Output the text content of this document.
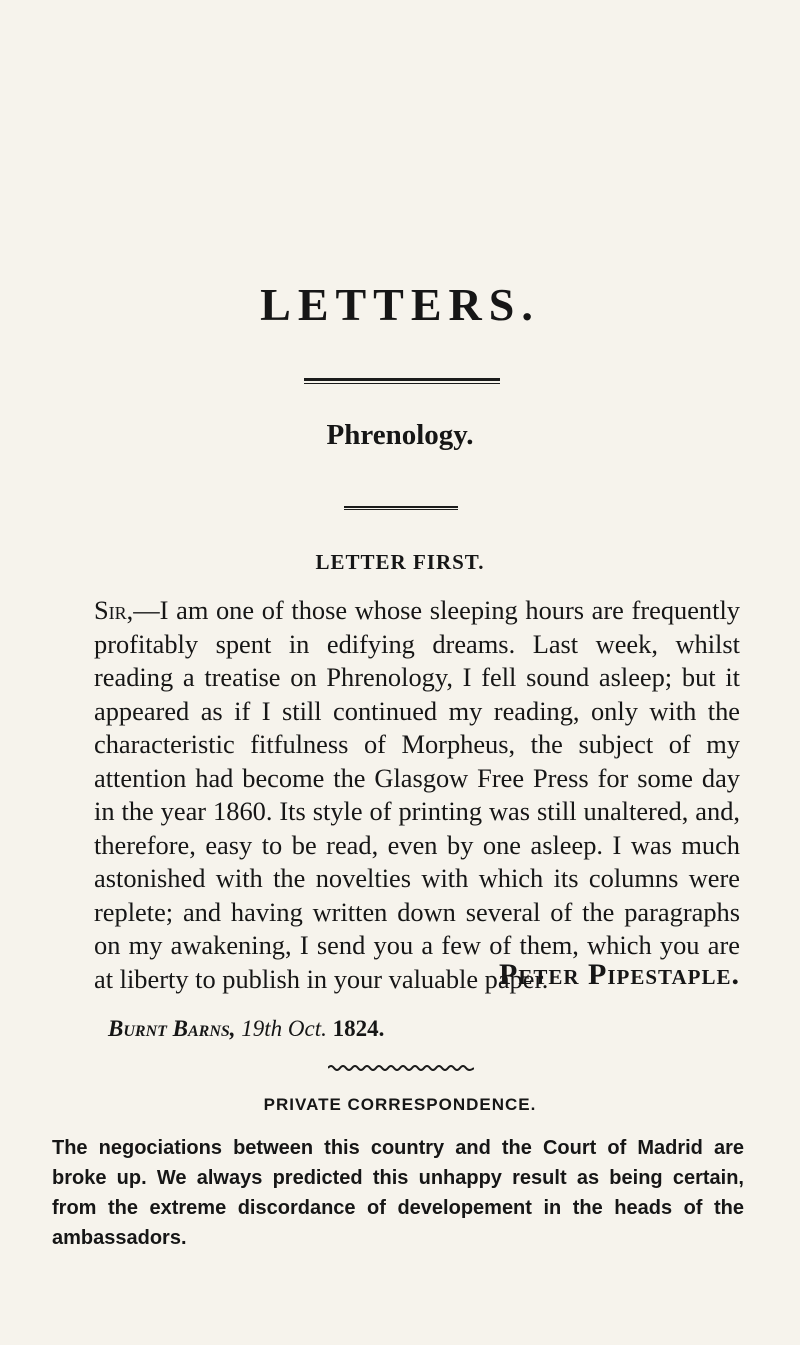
LETTERS.
Phrenology.
LETTER FIRST.

Sir,—I am one of those whose sleeping hours are frequently profitably spent in edifying dreams. Last week, whilst reading a treatise on Phrenology, I fell sound asleep; but it appeared as if I still continued my reading, only with the characteristic fitfulness of Morpheus, the subject of my attention had become the Glasgow Free Press for some day in the year 1860. Its style of printing was still unaltered, and, therefore, easy to be read, even by one asleep. I was much astonished with the novelties with which its columns were replete; and having written down several of the paragraphs on my awakening, I send you a few of them, which you are at liberty to publish in your valuable paper.

Peter Pipestaple.

Burnt Barns, 19th Oct. 1824.

PRIVATE CORRESPONDENCE.

The negociations between this country and the Court of Madrid are broke up. We always predicted this unhappy result as being certain, from the extreme discordance of developement in the heads of the ambassadors.
